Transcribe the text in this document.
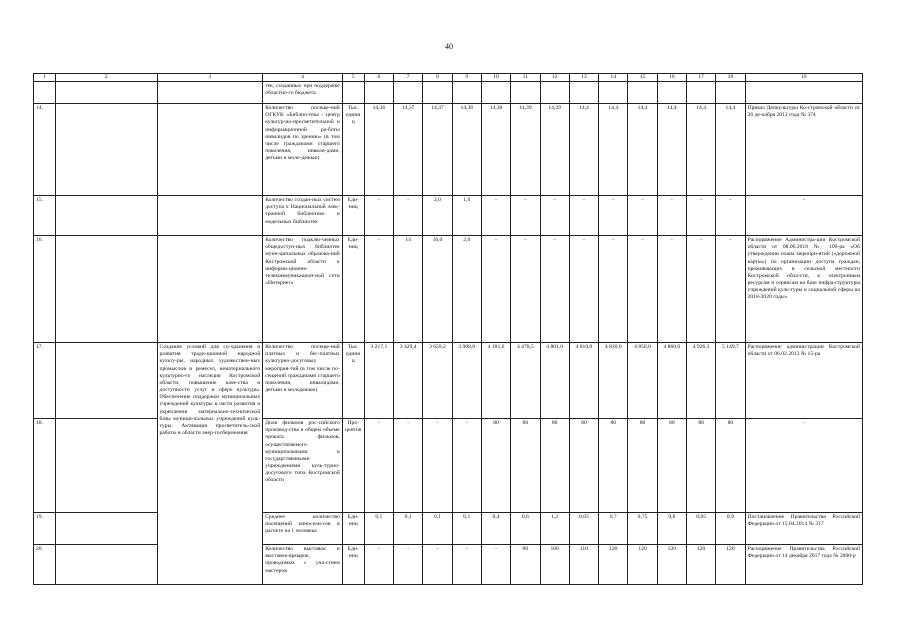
40
1	2	3	4	5	6	7	8	9	10	11	12	13	14	15	16	17	18	19
			тек, созданных при поддержке областно-го бюджета															
14.			Количество посеще-ний ОГКУК «Библио-тека - центр культур-но-просветительной и информационной ра-боты инвалидов по зрению» (в том числе гражданами старшего поколения, инвали-дами, детьми и моло-дежью)	Тыс. единиц	14,36	14,37	14,37	14,38	14,38	14,39	14,39	14,4	14,4	14,4	14,4	14,4	14,4	Приказ Депкультуры Ко-стромской области от 26 де-кабря 2012 года № 374
15.			Количество создан-ных систем доступа к Национальной элек-тронной библиотеке и модельных библиотек	Еди-ниц	-	-	2,0	1,0	-	-	-	-	-	-	-	-	-	-
16.			Количество подклю-ченных общедоступ-ных библиотек муни-ципальных образова-ний Костромской области к информи-ционно-телекоммуникацион-ной сети «Интернет»	Еди-ниц	-	14	16,0	2,0	-	-	-	-	-	-	-	-	-	Распоряжение Администра-ции Костромской области от 08.06.2018 № 109-ра «Об утверждении плана меропри-ятий («дорожной карты») по организации доступа граждан, проживающих в сельской местности Костромской обла-сти, к электронным ресурсам и сервисам на базе инфра-структуры учреждений куль-туры и социальной сферы на 2018-2020 годы»
17.		Создание условий для со-хранения и развития тради-ционной народной культу-ры, народных художествен-ных промыслов и ремесел, нематериального культурно-го наследия Костромской области, повышение каче-ства и доступности услуг в сфере культуры. Обеспечение поддержки муниципальных учреждений культуры в части развития и укрепления материально-технической базы муници-пальных учреждений куль-туры. Активация просветитель-ской работы в области энер-госбережения	Количество посеще-ний платных и бес-платных культурно-досуговых мероприя-тий (в том числе по-сещений гражданами старшего поколения, инвалидами, детьми и молодежью)	Тыс. единиц	3 217,1	3 429,4	3 659,2	3 908,0	4 181,6	4 478,5	4 801,0	4 810,0	4 820,0	4 850,0	4 860,0	4 926,3	5 149,7	Распоряжение администрации Костромской области от 06.02.2013 № 15-ра
18.			Доля фильмов рос-сийского производ-ства в общем объеме проката фильмов, осуществляемого муниципальными и государственными учреждениями куль-турно-досугового типа Костромской области	Про-центов	-	-	-	-	80	80	80	80	80	80	80	80	80	-
19.			Среднее количество посещений киносеан-сов в расчете на 1 человека	Еди-ниц	0,1	0,1	0,1	0,1	0,4	0,6	1,2	0,65	0,7	0,75	0,8	0,85	0,9	Постановление Правительства Российской Федерации от 15.04.2014 № 317
20.			Количество выставок и выставок-ярмарок, проводимых с уча-стием мастеров	Еди-ниц	-	-	-	-	-	80	100	110	120	120	120	120	120	Распоряжение Правительства Российской Федерации от 14 декабря 2017 года № 2800-р
